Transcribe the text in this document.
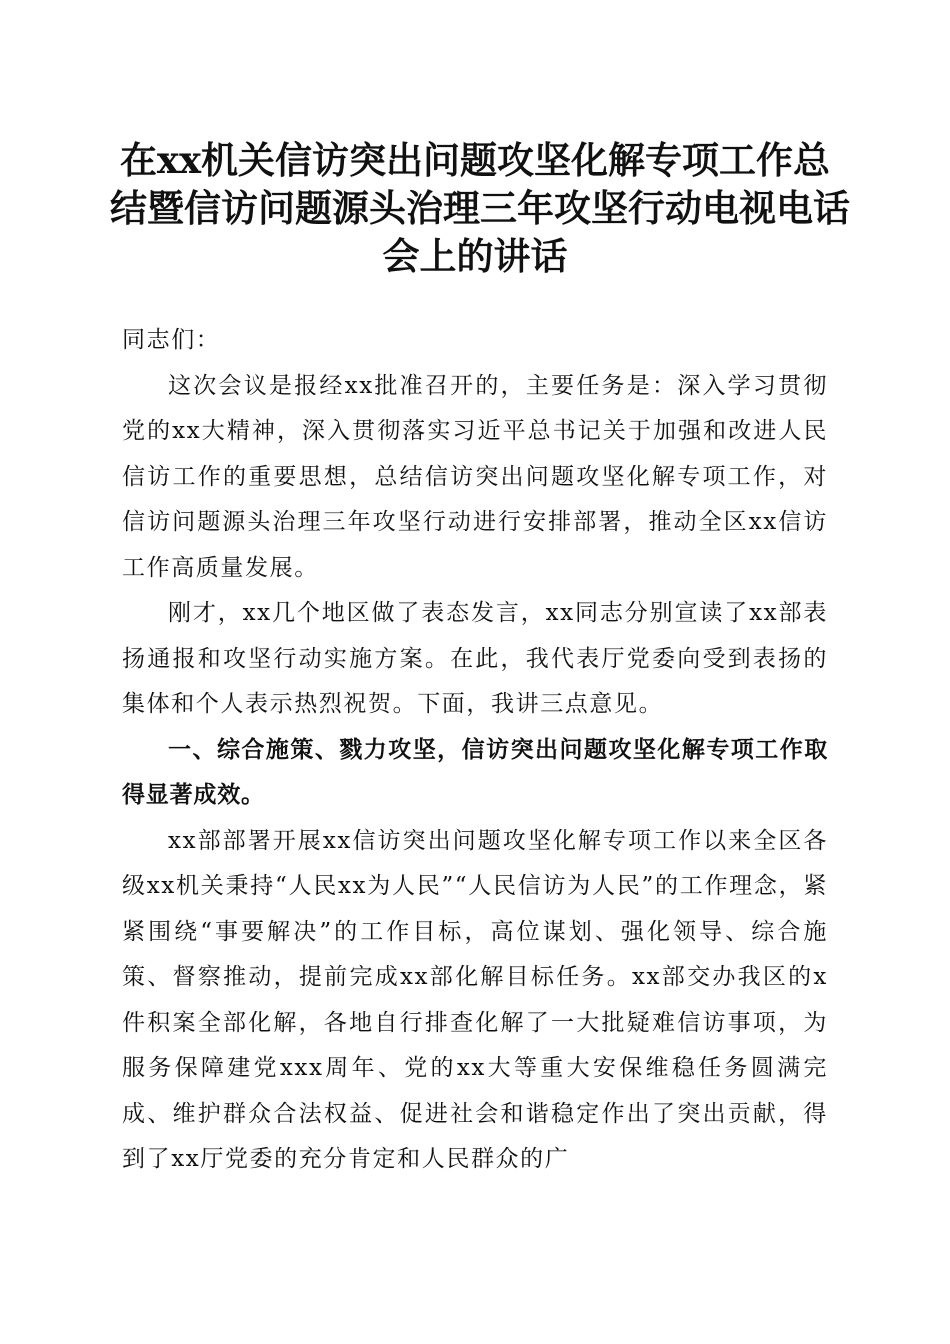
在xx机关信访突出问题攻坚化解专项工作总
结暨信访问题源头治理三年攻坚行动电视电话
会上的讲话

同志们：

这次会议是报经xx批准召开的，主要任务是：深入学习贯彻党的xx大精神，深入贯彻落实习近平总书记关于加强和改进人民信访工作的重要思想，总结信访突出问题攻坚化解专项工作，对信访问题源头治理三年攻坚行动进行安排部署，推动全区xx信访工作高质量发展。

刚才，xx几个地区做了表态发言，xx同志分别宣读了xx部表扬通报和攻坚行动实施方案。在此，我代表厅党委向受到表扬的集体和个人表示热烈祝贺。下面，我讲三点意见。

一、综合施策、戮力攻坚，信访突出问题攻坚化解专项工作取得显著成效。

xx部部署开展xx信访突出问题攻坚化解专项工作以来全区各级xx机关秉持“人民xx为人民”“人民信访为人民”的工作理念，紧紧围绕“事要解决”的工作目标，高位谋划、强化领导、综合施策、督察推动，提前完成xx部化解目标任务。xx部交办我区的x件积案全部化解，各地自行排查化解了一大批疑难信访事项，为服务保障建党xxx周年、党的xx大等重大安保维稳任务圆满完成、维护群众合法权益、促进社会和谐稳定作出了突出贡献，得到了xx厅党委的充分肯定和人民群众的广
